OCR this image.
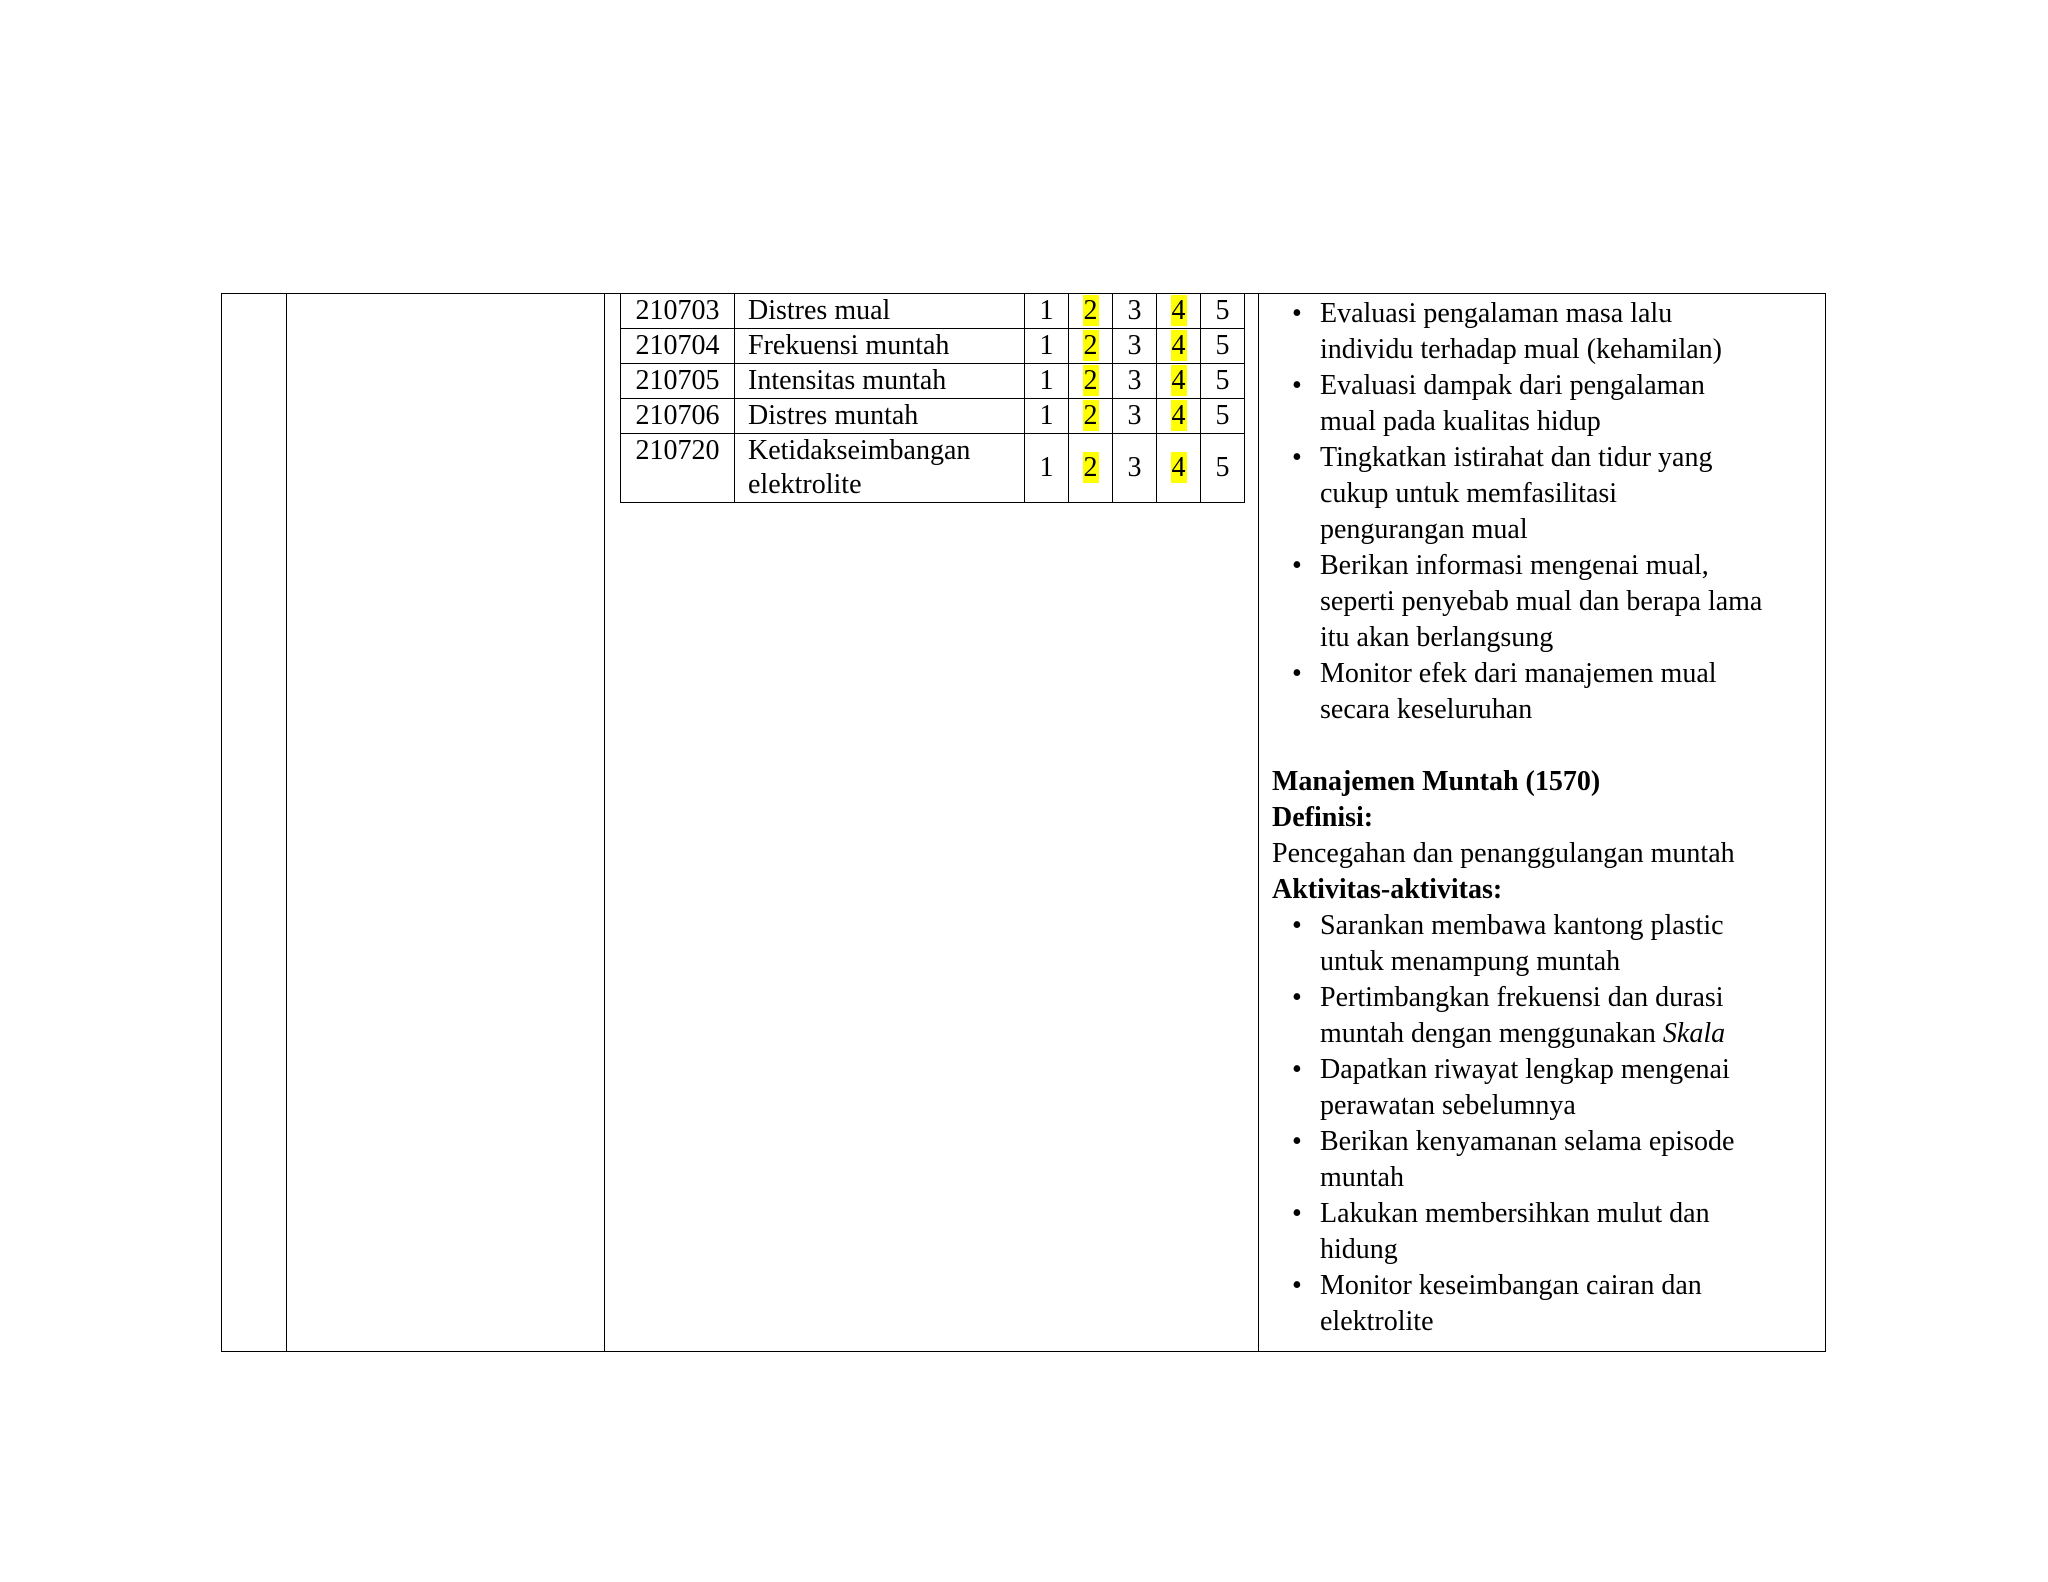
210703	Distres mual	1	2	3	4	5
210704	Frekuensi muntah	1	2	3	4	5
210705	Intensitas muntah	1	2	3	4	5
210706	Distres muntah	1	2	3	4	5
210720	Ketidakseimbangan
elektrolite	1	2	3	4	5
• Evaluasi pengalaman masa lalu
individu terhadap mual (kehamilan)
• Evaluasi dampak dari pengalaman
mual pada kualitas hidup
• Tingkatkan istirahat dan tidur yang
cukup untuk memfasilitasi
pengurangan mual
• Berikan informasi mengenai mual,
seperti penyebab mual dan berapa lama
itu akan berlangsung
• Monitor efek dari manajemen mual
secara keseluruhan
Manajemen Muntah (1570)
Definisi:
Pencegahan dan penanggulangan muntah
Aktivitas-aktivitas:
• Sarankan membawa kantong plastic
untuk menampung muntah
• Pertimbangkan frekuensi dan durasi
muntah dengan menggunakan Skala
• Dapatkan riwayat lengkap mengenai
perawatan sebelumnya
• Berikan kenyamanan selama episode
muntah
• Lakukan membersihkan mulut dan
hidung
• Monitor keseimbangan cairan dan
elektrolite
